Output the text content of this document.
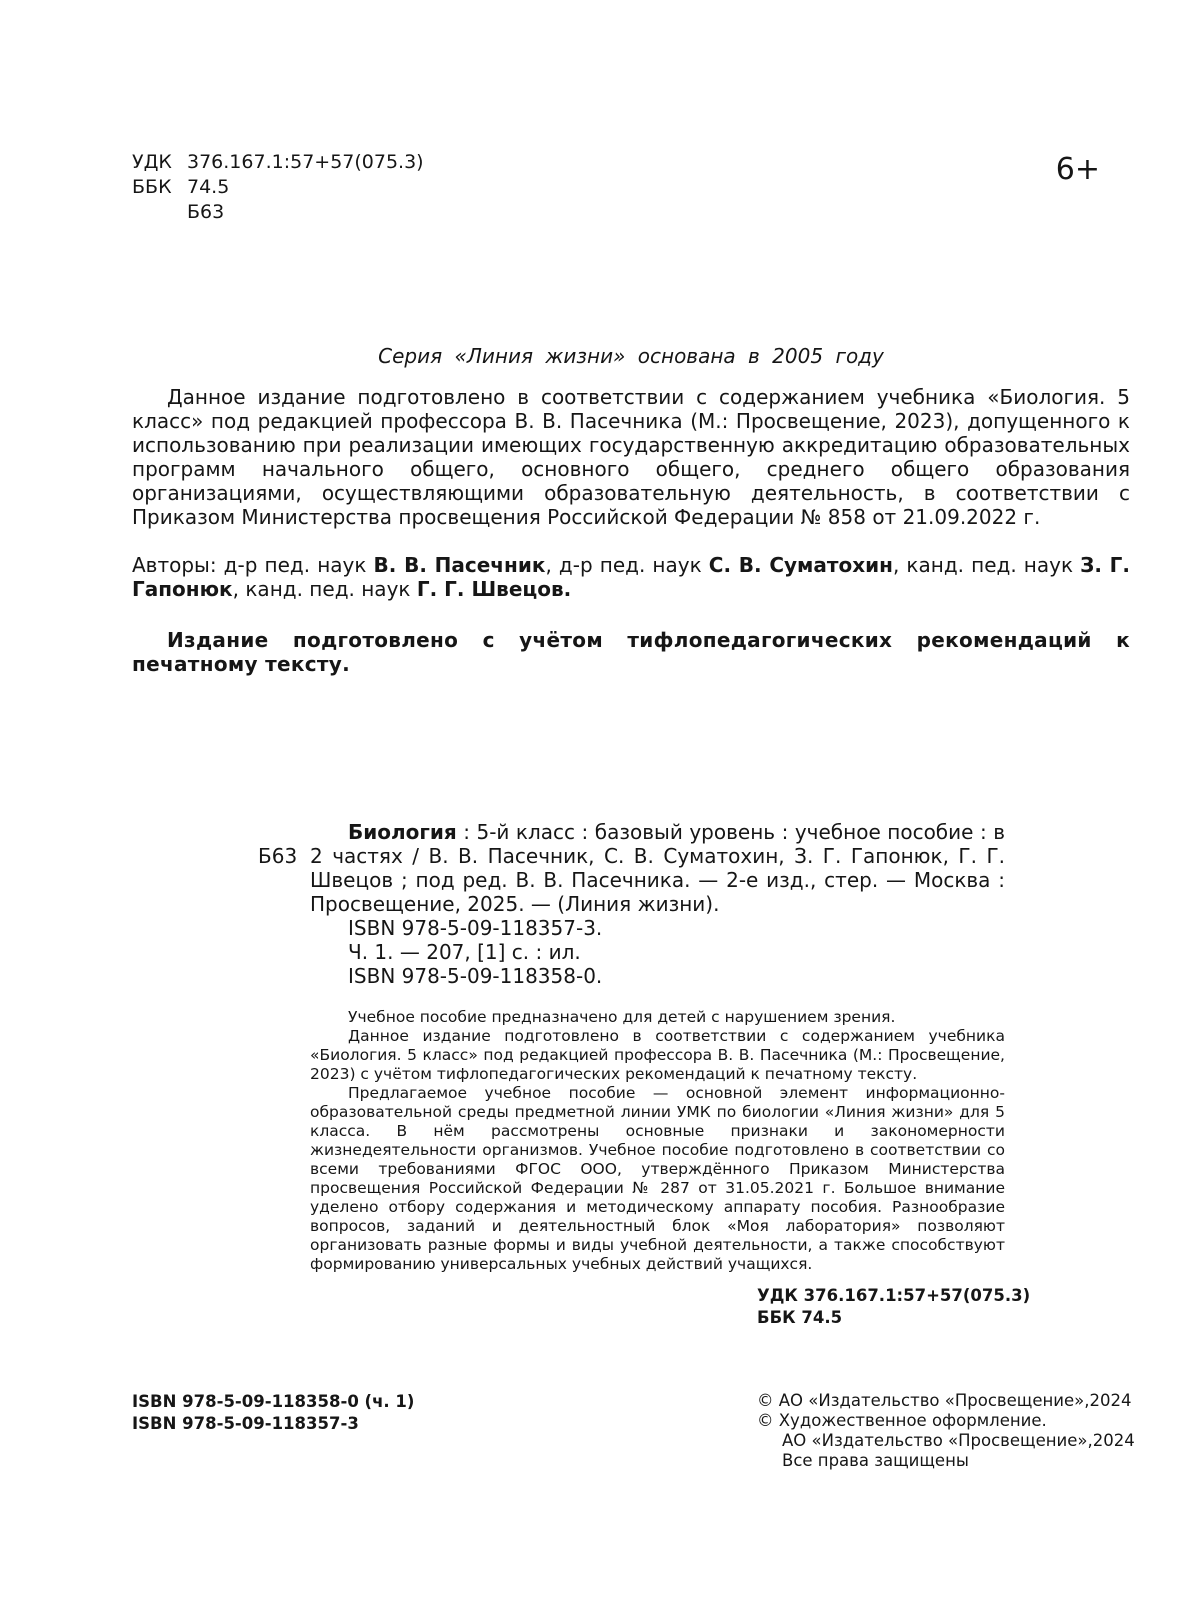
УДК 376.167.1:57+57(075.3)
ББК 74.5
Б63
6+
Серия «Линия жизни» основана в 2005 году
Данное издание подготовлено в соответствии с содержанием учебника «Биология. 5 класс» под редакцией профессора В. В. Пасечника (М.: Просвещение, 2023), допущенного к использованию при реализации имеющих государственную аккредитацию образовательных программ начального общего, основного общего, среднего общего образования организациями, осуществляющими образовательную деятельность, в соответствии с Приказом Министерства просвещения Российской Федерации № 858 от 21.09.2022 г.
Авторы: д-р пед. наук В. В. Пасечник, д-р пед. наук С. В. Суматохин, канд. пед. наук З. Г. Гапонюк, канд. пед. наук Г. Г. Швецов.
Издание подготовлено с учётом тифлопедагогических рекомендаций к печатному тексту.
Б63

Биология : 5-й класс : базовый уровень : учебное пособие : в 2 частях / В. В. Пасечник, С. В. Суматохин, З. Г. Гапонюк, Г. Г. Швецов ; под ред. В. В. Пасечника. — 2-е изд., стер. — Москва : Просвещение, 2025. — (Линия жизни).

ISBN 978-5-09-118357-3.

Ч. 1. — 207, [1] с. : ил.

ISBN 978-5-09-118358-0.

Учебное пособие предназначено для детей с нарушением зрения.

Данное издание подготовлено в соответствии с содержанием учебника «Биология. 5 класс» под редакцией профессора В. В. Пасечника (М.: Просвещение, 2023) с учётом тифлопедагогических рекомендаций к печатному тексту.

Предлагаемое учебное пособие — основной элемент информационно-образовательной среды предметной линии УМК по биологии «Линия жизни» для 5 класса. В нём рассмотрены основные признаки и закономерности жизнедеятельности организмов. Учебное пособие подготовлено в соответствии со всеми требованиями ФГОС ООО, утверждённого Приказом Министерства просвещения Российской Федерации № 287 от 31.05.2021 г. Большое внимание уделено отбору содержания и методическому аппарату пособия. Разнообразие вопросов, заданий и деятельностный блок «Моя лаборатория» позволяют организовать разные формы и виды учебной деятельности, а также способствуют формированию универсальных учебных действий учащихся.

УДК 376.167.1:57+57(075.3)
ББК 74.5
ISBN 978-5-09-118358-0 (ч. 1)
ISBN 978-5-09-118357-3
© АО «Издательство «Просвещение», 2024
© Художественное оформление.
АО «Издательство «Просвещение», 2024
Все права защищены
